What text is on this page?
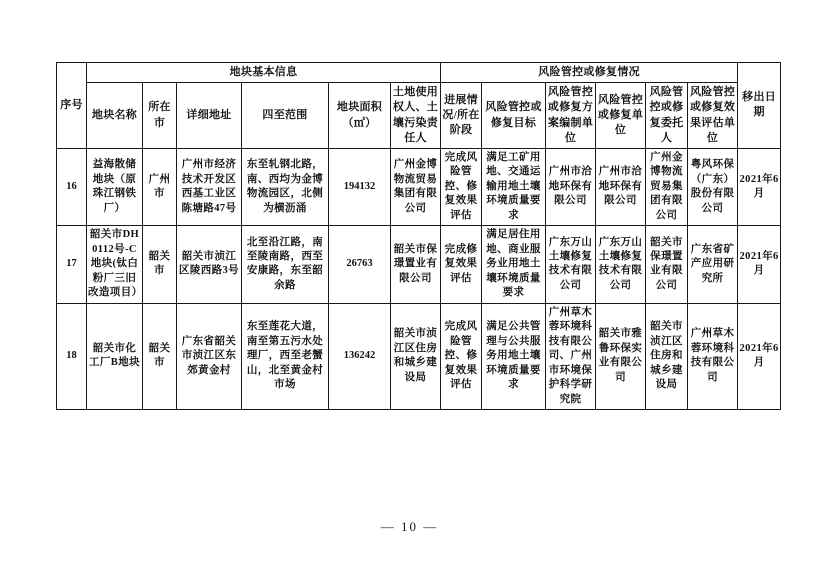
序号	地块基本信息						风险管控或修复情况						移出日期
	地块名称	所在市	详细地址	四至范围	地块面积（㎡）	土地使用权人、土壤污染责任人	进展情况/所在阶段	风险管控或修复目标	风险管控或修复方案编制单位	风险管控或修复单位	风险管控或修复委托人	风险管控或修复效果评估单位	
16	益海散储地块（原珠江钢铁厂）	广州市	广州市经济技术开发区西基工业区陈塘路47号	东至轧钢北路，南、西均为金博物流园区，北侧为横沥涌	194132	广州金博物流贸易集团有限公司	完成风险管控、修复效果评估	满足工矿用地、交通运输用地土壤环境质量要求	广州市洽地环保有限公司	广州市洽地环保有限公司	广州金博物流贸易集团有限公司	粤风环保（广东）股份有限公司	2021年6月
17	韶关市DH0112号-C地块(钛白粉厂三旧改造项目）	韶关市	韶关市浈江区陵西路3号	北至沿江路，南至陵南路，西至安康路，东至韶余路	26763	韶关市保璟置业有限公司	完成修复效果评估	满足居住用地、商业服务业用地土壤环境质量要求	广东万山土壤修复技术有限公司	广东万山土壤修复技术有限公司	韶关市保璟置业有限公司	广东省矿产应用研究所	2021年6月
18	韶关市化工厂B地块	韶关市	广东省韶关市浈江区东郊黄金村	东至莲花大道，南至第五污水处理厂，西至老蟹山，北至黄金村市场	136242	韶关市浈江区住房和城乡建设局	完成风险管控、修复效果评估	满足公共管理与公共服务用地土壤环境质量要求	广州草木蓉环境科技有限公司、广州市环境保护科学研究院	韶关市雅鲁环保实业有限公司	韶关市浈江区住房和城乡建设局	广州草木蓉环境科技有限公司	2021年6月
— 10 —
